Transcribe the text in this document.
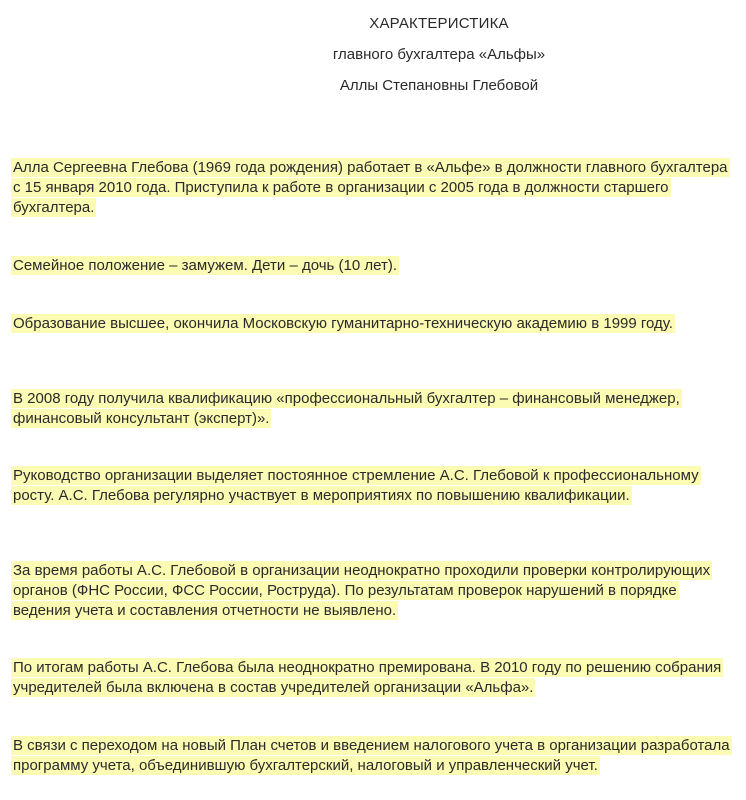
ХАРАКТЕРИСТИКА
главного бухгалтера «Альфы»
Аллы Степановны Глебовой

Алла Сергеевна Глебова (1969 года рождения) работает в «Альфе» в должности главного бухгалтера с 15 января 2010 года. Приступила к работе в организации с 2005 года в должности старшего бухгалтера.

Семейное положение – замужем. Дети – дочь (10 лет).

Образование высшее, окончила Московскую гуманитарно-техническую академию в 1999 году.

В 2008 году получила квалификацию «профессиональный бухгалтер – финансовый менеджер, финансовый консультант (эксперт)».

Руководство организации выделяет постоянное стремление А.С. Глебовой к профессиональному росту. А.С. Глебова регулярно участвует в мероприятиях по повышению квалификации.

За время работы А.С. Глебовой в организации неоднократно проходили проверки контролирующих органов (ФНС России, ФСС России, Роструда). По результатам проверок нарушений в порядке ведения учета и составления отчетности не выявлено.

По итогам работы А.С. Глебова была неоднократно премирована. В 2010 году по решению собрания учредителей была включена в состав учредителей организации «Альфа».

В связи с переходом на новый План счетов и введением налогового учета в организации разработала программу учета, объединившую бухгалтерский, налоговый и управленческий учет.
